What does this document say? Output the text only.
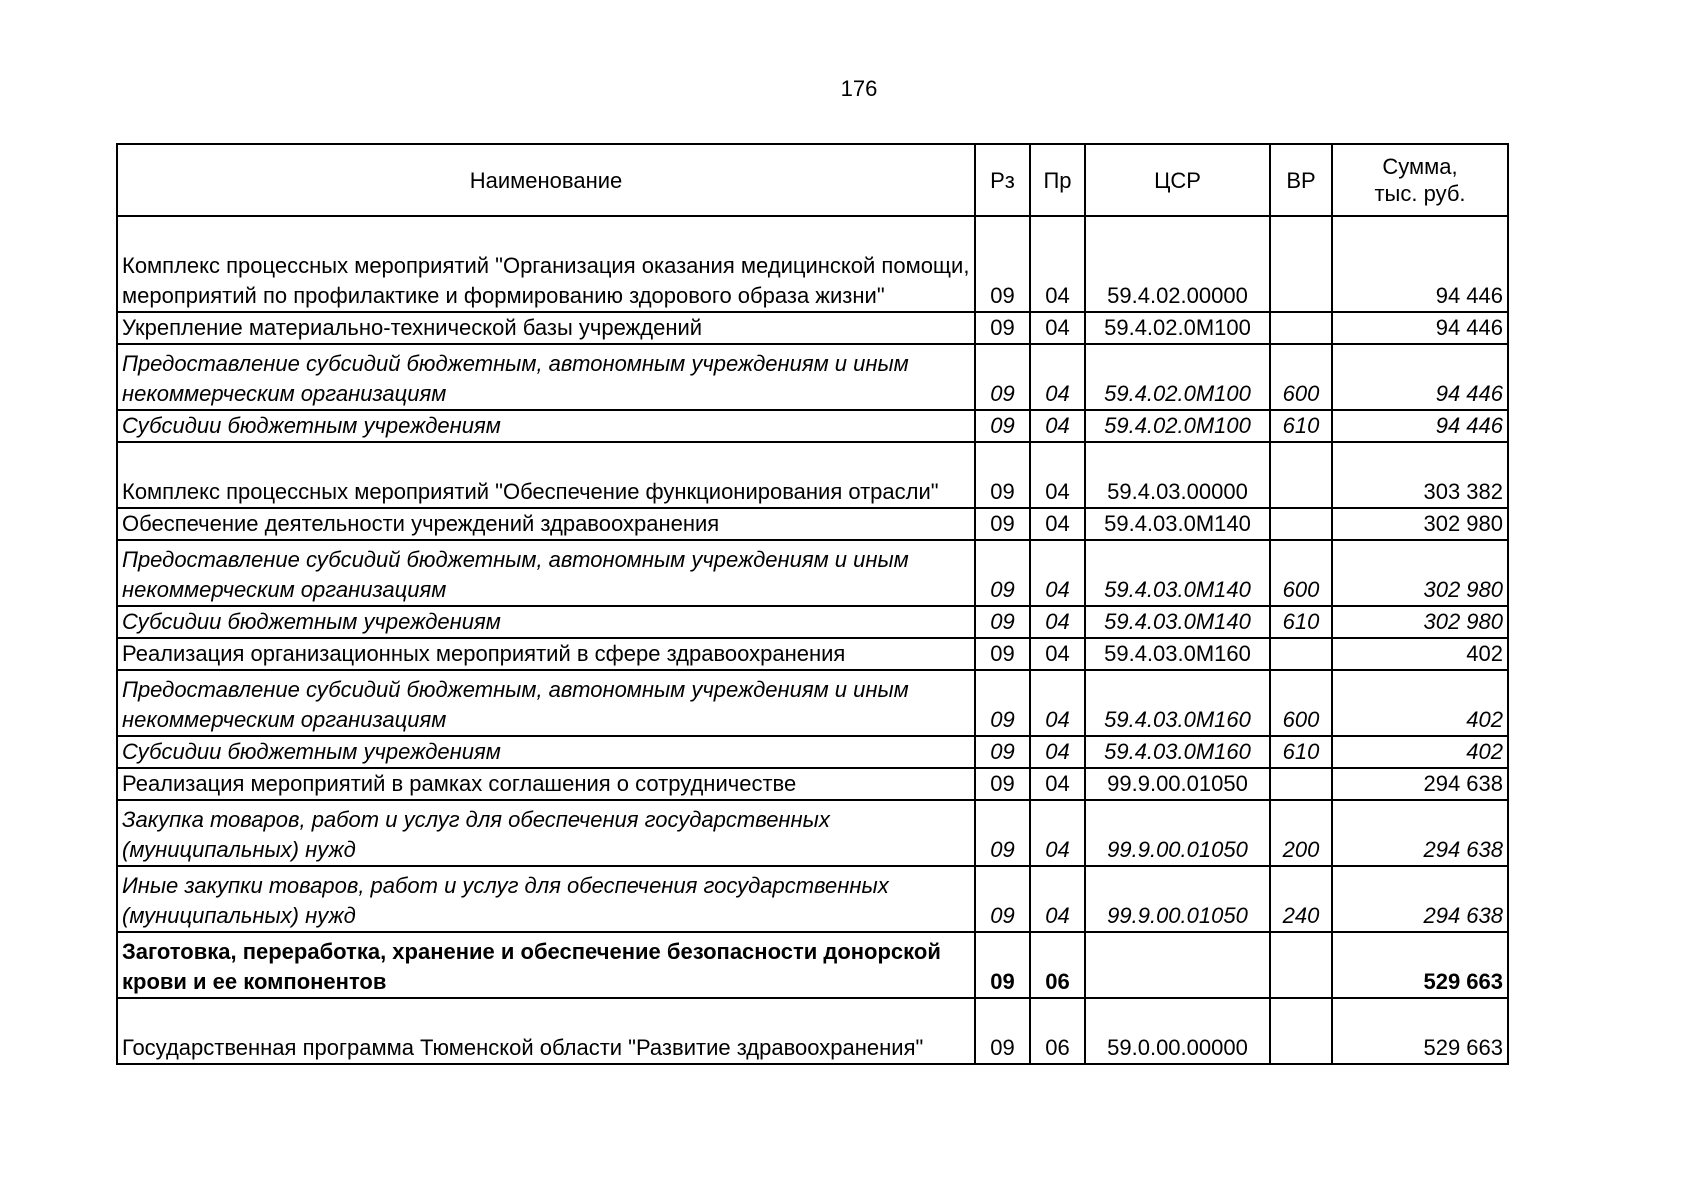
176
Наименование	Рз	Пр	ЦСР	ВР	Сумма,
тыс. руб.

Комплекс процессных мероприятий "Организация оказания медицинской помощи, мероприятий по профилактике и формированию здорового образа жизни"	09	04	59.4.02.00000		94 446
Укрепление материально-технической базы учреждений	09	04	59.4.02.0М100		94 446
Предоставление субсидий бюджетным, автономным учреждениям и иным некоммерческим организациям	09	04	59.4.02.0М100	600	94 446
Субсидии бюджетным учреждениям	09	04	59.4.02.0М100	610	94 446
Комплекс процессных мероприятий "Обеспечение функционирования отрасли"	09	04	59.4.03.00000		303 382
Обеспечение деятельности учреждений здравоохранения	09	04	59.4.03.0М140		302 980
Предоставление субсидий бюджетным, автономным учреждениям и иным некоммерческим организациям	09	04	59.4.03.0М140	600	302 980
Субсидии бюджетным учреждениям	09	04	59.4.03.0М140	610	302 980
Реализация организационных мероприятий в сфере здравоохранения	09	04	59.4.03.0М160		402
Предоставление субсидий бюджетным, автономным учреждениям и иным некоммерческим организациям	09	04	59.4.03.0М160	600	402
Субсидии бюджетным учреждениям	09	04	59.4.03.0М160	610	402
Реализация мероприятий в рамках соглашения о сотрудничестве	09	04	99.9.00.01050		294 638
Закупка товаров, работ и услуг для обеспечения государственных (муниципальных) нужд	09	04	99.9.00.01050	200	294 638
Иные закупки товаров, работ и услуг для обеспечения государственных (муниципальных) нужд	09	04	99.9.00.01050	240	294 638
Заготовка, переработка, хранение и обеспечение безопасности донорской крови и ее компонентов	09	06			529 663
Государственная программа Тюменской области "Развитие здравоохранения"	09	06	59.0.00.00000		529 663
